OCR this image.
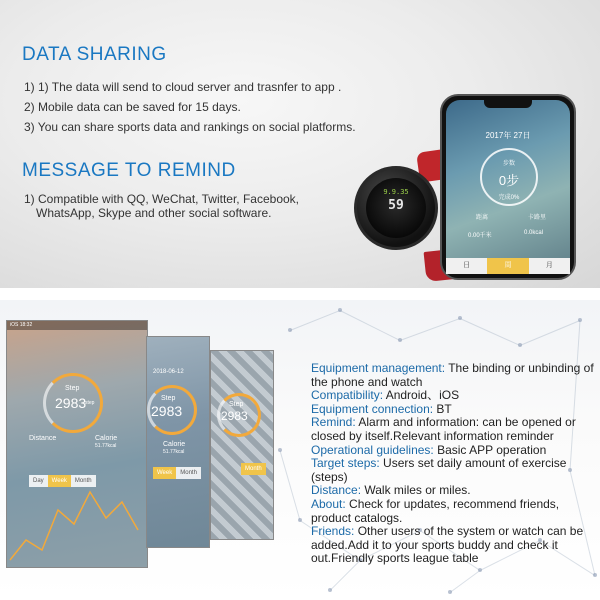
DATA SHARING
1) 1) The data will send to cloud server and trasnfer to app .
2) Mobile data can be saved for 15 days.
3) You can share sports data and rankings on social platforms.
MESSAGE TO REMIND
1) Compatible with QQ, WeChat, Twitter, Facebook,
WhatsApp, Skype and other social software.
9.9.35
59
2017年 27日
步数
0步
完成0%
距离	卡路里
0.00千米	0.0kcal
日	周	月
iOS 18:32
Step
2983
step
Distance	Calorie
51.77kcal
Day	Week	Month
2018-06-12
Step
2983
Calorie
51.77kcal
Week	Month
Step
2983
Month

Equipment management: The binding or unbinding of the phone and watch

Compatibility: Android、iOS

Equipment connection: BT

Remind: Alarm and information: can be opened or closed by itself.Relevant information reminder

Operational guidelines: Basic APP operation

Target steps: Users set daily amount of exercise (steps)

Distance: Walk miles or miles.

About: Check for updates, recommend friends, product catalogs.

Friends: Other users of the system or watch can be added.Add it to your sports buddy and check it out.Friendly sports league table
